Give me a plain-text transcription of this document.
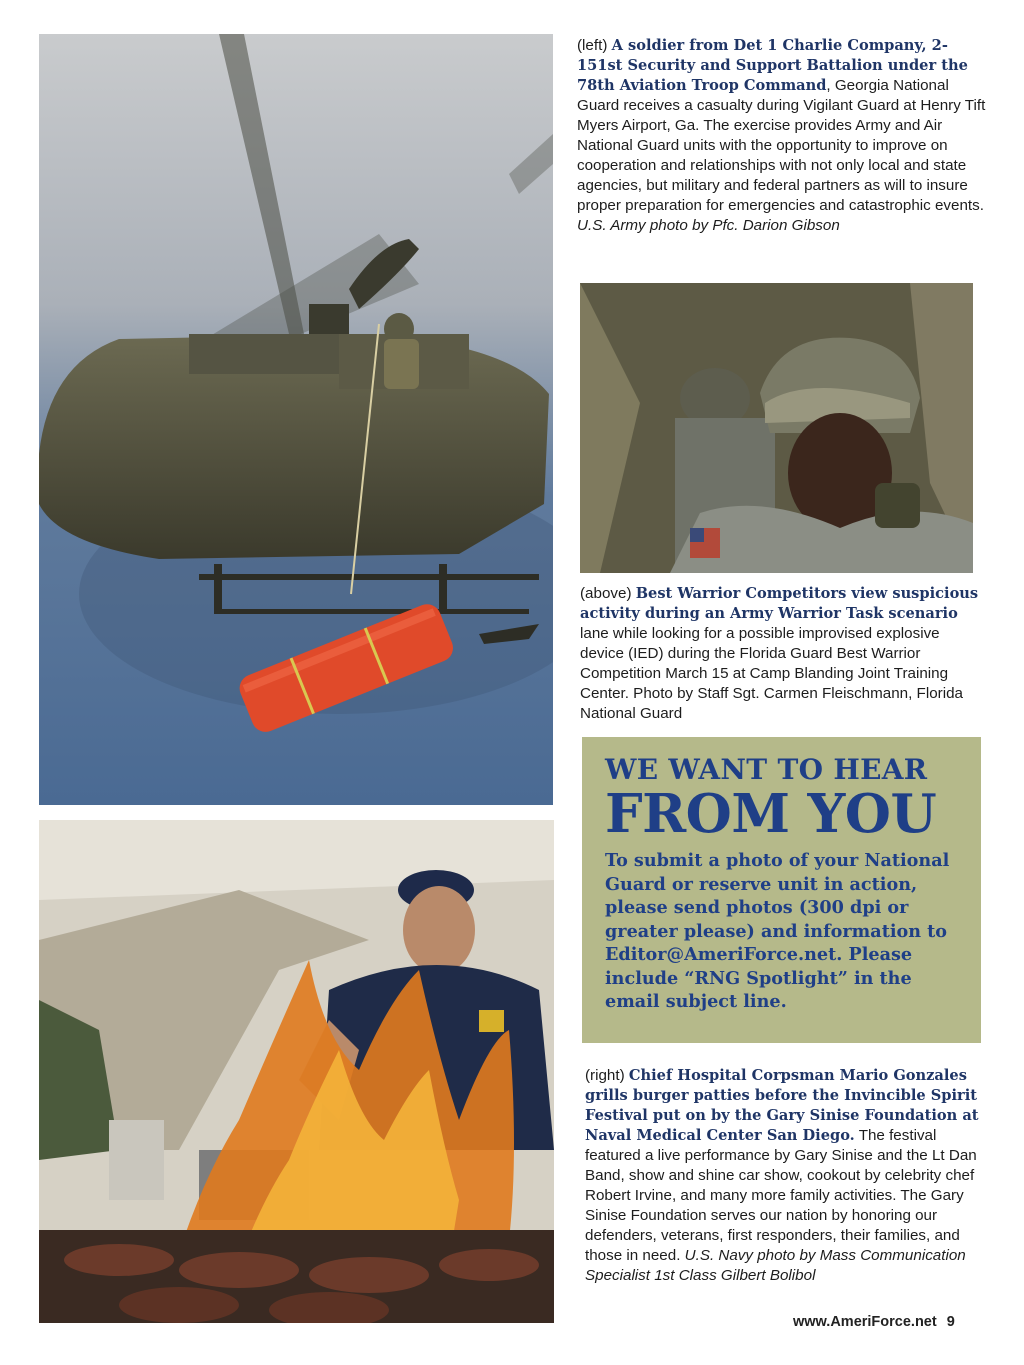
(left) A soldier from Det 1 Charlie Company, 2-151st Security and Support Battalion under the 78th Aviation Troop Command, Georgia National Guard receives a casualty during Vigilant Guard at Henry Tift Myers Airport, Ga. The exercise provides Army and Air National Guard units with the opportunity to improve on cooperation and relationships with not only local and state agencies, but military and federal partners as will to insure proper preparation for emergencies and catastrophic events. U.S. Army photo by Pfc. Darion Gibson
(above) Best Warrior Competitors view suspicious activity during an Army Warrior Task scenario lane while looking for a possible improvised explosive device (IED) during the Florida Guard Best Warrior Competition March 15 at Camp Blanding Joint Training Center. Photo by Staff Sgt. Carmen Fleischmann, Florida National Guard
WE WANT TO HEAR
FROM YOU
To submit a photo of your National Guard or reserve unit in action, please send photos (300 dpi or greater please) and information to Editor@AmeriForce.net. Please include “RNG Spotlight” in the email subject line.
(right) Chief Hospital Corpsman Mario Gonzales grills burger patties before the Invincible Spirit Festival put on by the Gary Sinise Foundation at Naval Medical Center San Diego. The festival featured a live performance by Gary Sinise and the Lt Dan Band, show and shine car show, cookout by celebrity chef Robert Irvine, and many more family activities. The Gary Sinise Foundation serves our nation by honoring our defenders, veterans, first responders, their families, and those in need. U.S. Navy photo by Mass Communication Specialist 1st Class Gilbert Bolibol
www.AmeriForce.net 9
